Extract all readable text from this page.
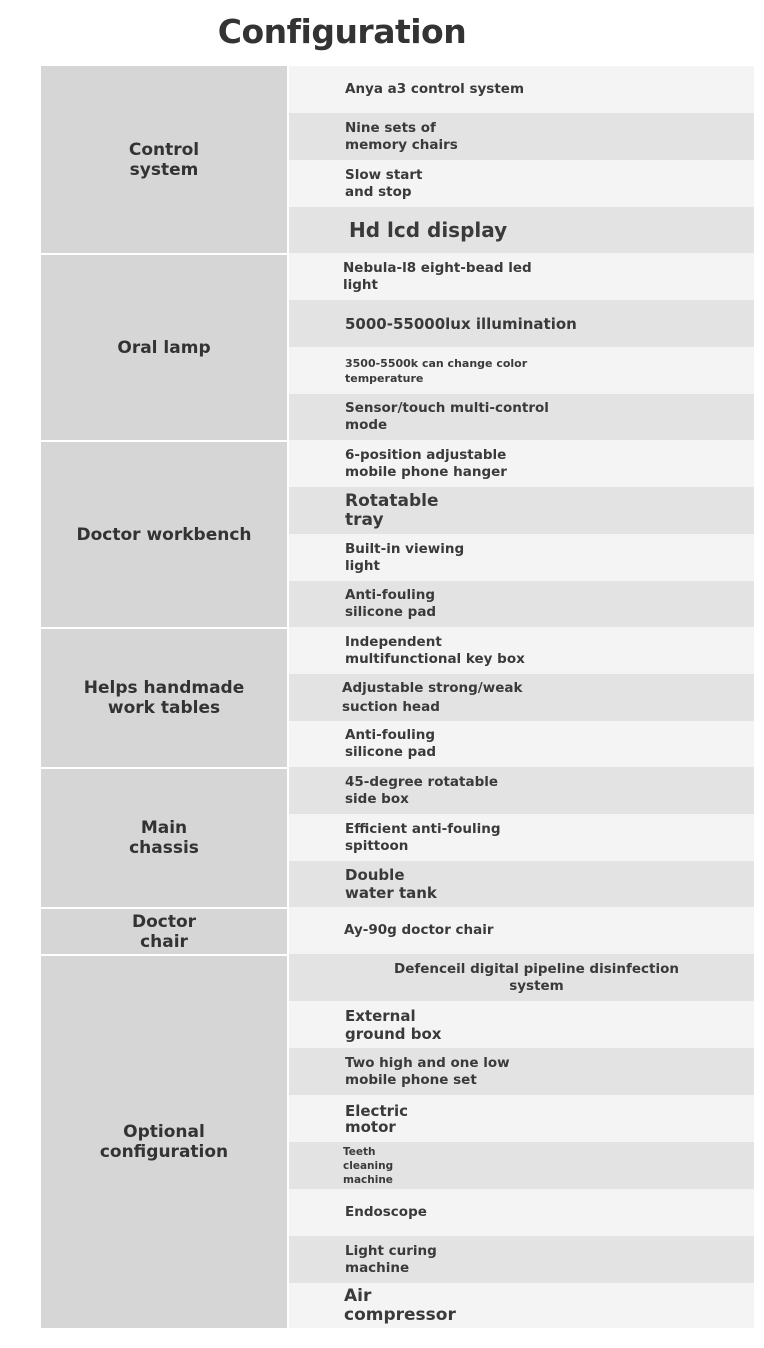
Configuration
Control
system
Oral lamp
Doctor workbench
Helps handmade
work tables
Main
chassis
Doctor
chair
Optional
configuration
Anya a3 control system
Nine sets of
memory chairs
Slow start
and stop
Hd lcd display
Nebula-l8 eight-bead led
light
5000-55000lux illumination
3500-5500k can change color
temperature
Sensor/touch multi-control
mode
6-position adjustable
mobile phone hanger
Rotatable
tray
Built-in viewing
light
Anti-fouling
silicone pad
Independent
multifunctional key box
Adjustable strong/weak
suction head
Anti-fouling
silicone pad
45-degree rotatable
side box
Efficient anti-fouling
spittoon
Double
water tank
Ay-90g doctor chair
Defenceil digital pipeline disinfection
system
External
ground box
Two high and one low
mobile phone set
Electric
motor
Teeth
cleaning
machine
Endoscope
Light curing
machine
Air
compressor
